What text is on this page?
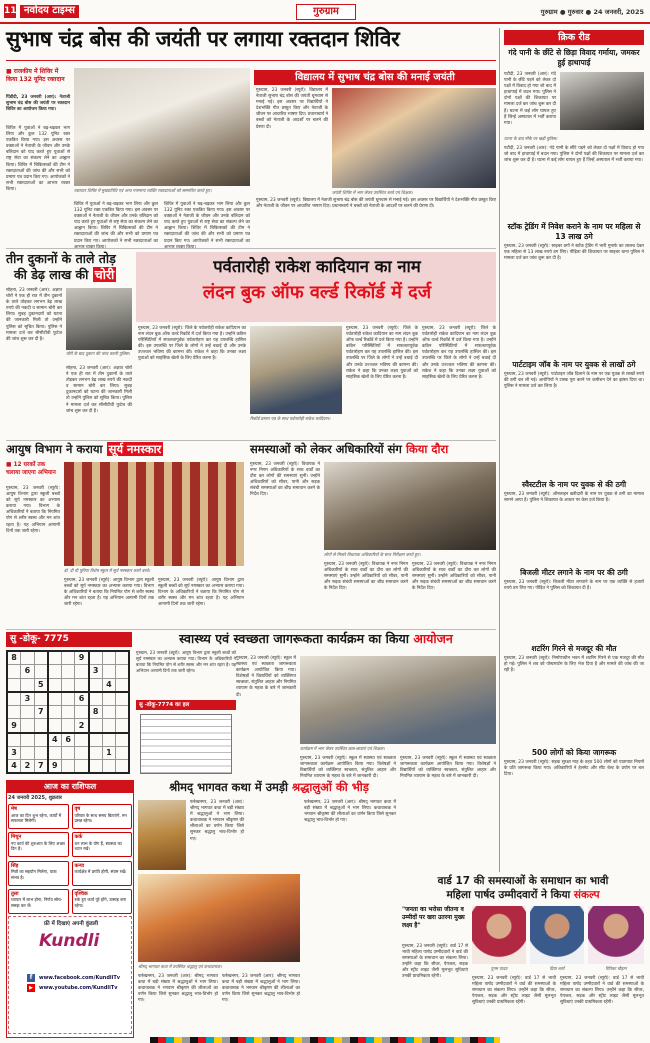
11 नवोदय टाइम्स	गुरुग्राम	गुरुग्राम ● गुरुवार ● 24 जनवरी, 2025
सुभाष चंद्र बोस की जयंती पर लगाया रक्तदान शिविर
■ राजकीय में शिविर में किया 132 यूनिट रक्तदान
पिंडौदी, 23 जनवरी (आर): नेताजी सुभाष चंद्र बोस की जयंती पर रक्तदान शिविर का आयोजन किया गया।
शिविर में युवाओं ने बढ़-चढ़कर भाग लिया और कुल 132 यूनिट रक्त एकत्रित किया गया। इस अवसर पर वक्ताओं ने नेताजी के जीवन और उनके बलिदान को याद करते हुए युवाओं से राष्ट्र सेवा का संकल्प लेने का आह्वान किया। शिविर में चिकित्सकों की टीम ने रक्तदाताओं की जांच की और सभी को प्रमाण पत्र प्रदान किए गए। आयोजकों ने सभी रक्तदाताओं का आभार व्यक्त किया।	रक्तदान शिविर में मुख्यातिथि एवं अन्य गणमान्य व्यक्ति रक्तदाताओं को सम्मानित करते हुए।
शिविर में युवाओं ने बढ़-चढ़कर भाग लिया और कुल 132 यूनिट रक्त एकत्रित किया गया। इस अवसर पर वक्ताओं ने नेताजी के जीवन और उनके बलिदान को याद करते हुए युवाओं से राष्ट्र सेवा का संकल्प लेने का आह्वान किया। शिविर में चिकित्सकों की टीम ने रक्तदाताओं की जांच की और सभी को प्रमाण पत्र प्रदान किए गए। आयोजकों ने सभी रक्तदाताओं का
शिविर में युवाओं ने बढ़-चढ़कर भाग लिया और कुल 132 यूनिट रक्त एकत्रित किया गया। इस अवसर पर वक्ताओं ने नेताजी के जीवन और उनके बलिदान को याद करते हुए युवाओं से राष्ट्र सेवा का संकल्प लेने का आह्वान किया। शिविर में चिकित्सकों की टीम ने रक्तदाताओं की जांच की और सभी को प्रमाण पत्र प्रदान किए गए। आयोजकों ने सभी रक्तदाताओं का
विद्यालय में सुभाष चंद्र बोस की मनाई जयंती
गुरुग्राम, 23 जनवरी (ब्यूरो): विद्यालय में नेताजी सुभाष चंद्र बोस की जयंती धूमधाम से मनाई गई। इस अवसर पर विद्यार्थियों ने देशभक्ति गीत प्रस्तुत किए और नेताजी के जीवन पर आधारित भाषण दिए। प्रधानाचार्य ने बच्चों को नेताजी के आदर्शों पर चलने की प्रेरणा दी।
जयंती शिविर में भाग लेकर उपस्थित बच्चे एवं शिक्षक।
गुरुग्राम, 23 जनवरी (ब्यूरो): विद्यालय में नेताजी सुभाष चंद्र बोस की जयंती धूमधाम से मनाई गई। इस अवसर पर विद्यार्थियों ने देशभक्ति गीत प्रस्तुत किए और नेताजी के जीवन पर आधारित भाषण दिए। प्रधानाचार्य ने बच्चों को नेताजी के आदर्शों पर चलने की प्रेरणा दी।
तीन दुकानों के ताले तोड़
की डेढ़ लाख की चोरी
सोहना, 23 जनवरी (आर): अज्ञात चोरों ने एक ही रात में तीन दुकानों के ताले तोड़कर लगभग डेढ़ लाख रुपये की नकदी व सामान चोरी कर लिया। सुबह दुकानदारों को घटना की जानकारी मिली तो उन्होंने पुलिस को सूचित किया। पुलिस ने मामला दर्ज कर सीसीटीवी फुटेज की जांच शुरू कर दी है।
चोरी के बाद दुकान की जांच करती पुलिस।
सोहना, 23 जनवरी (आर): अज्ञात चोरों ने एक ही रात में तीन दुकानों के ताले तोड़कर लगभग डेढ़ लाख रुपये की नकदी व सामान चोरी कर लिया। सुबह दुकानदारों को घटना की जानकारी मिली तो उन्होंने पुलिस को सूचित किया। पुलिस ने मामला दर्ज कर सीसीटीवी फुटेज की जांच शुरू कर दी है।
पर्वतारोही राकेश कादियान का नाम
लंदन बुक ऑफ वर्ल्ड रिकॉर्ड में दर्ज
गुरुग्राम, 23 जनवरी (ब्यूरो): जिले के पर्वतारोही राकेश कादियान का नाम लंदन बुक ऑफ वर्ल्ड रिकॉर्ड में दर्ज किया गया है। उन्होंने कठिन परिस्थितियों में सफलतापूर्वक पर्वतारोहण कर यह उपलब्धि हासिल की। इस उपलब्धि पर जिले के लोगों ने उन्हें बधाई दी और उनके उज्ज्वल भविष्य की कामना की। राकेश ने कहा कि उनका लक्ष्य युवाओं को साहसिक खेलों के लिए प्रेरित करना है।
रिकॉर्ड प्रमाण पत्र के साथ पर्वतारोही राकेश कादियान।
गुरुग्राम, 23 जनवरी (ब्यूरो): जिले के पर्वतारोही राकेश कादियान का नाम लंदन बुक ऑफ वर्ल्ड रिकॉर्ड में दर्ज किया गया है। उन्होंने कठिन परिस्थितियों में सफलतापूर्वक पर्वतारोहण कर यह उपलब्धि हासिल की। इस उपलब्धि पर जिले के लोगों ने उन्हें बधाई दी और उनके उज्ज्वल भविष्य की कामना की। राकेश ने कहा कि उनका लक्ष्य युवाओं को साहसिक खेलों के लिए प्रेरित करना है।
गुरुग्राम, 23 जनवरी (ब्यूरो): जिले के पर्वतारोही राकेश कादियान का नाम लंदन बुक ऑफ वर्ल्ड रिकॉर्ड में दर्ज किया गया है। उन्होंने कठिन परिस्थितियों में सफलतापूर्वक पर्वतारोहण कर यह उपलब्धि हासिल की। इस उपलब्धि पर जिले के लोगों ने उन्हें बधाई दी और उनके उज्ज्वल भविष्य की कामना की। राकेश ने कहा कि उनका लक्ष्य युवाओं को साहसिक खेलों के लिए प्रेरित करना है।
आयुष विभाग ने कराया सूर्य नमस्कार
■ 12 घरकों तक चलाया जाएगा अभियान
गुरुग्राम, 23 जनवरी (ब्यूरो): आयुष विभाग द्वारा स्कूली बच्चों को सूर्य नमस्कार का अभ्यास कराया गया। विभाग के अधिकारियों ने बताया कि नियमित योग से शरीर स्वस्थ और मन शांत रहता है। यह अभियान आगामी दिनों तक जारी रहेगा।
डॉ. दी वी पुनिया विशेष स्कूल में सूर्य नमस्कार करते बच्चे।
गुरुग्राम, 23 जनवरी (ब्यूरो): आयुष विभाग द्वारा स्कूली बच्चों को सूर्य नमस्कार का अभ्यास कराया गया। विभाग के अधिकारियों ने बताया कि नियमित योग से शरीर स्वस्थ और मन शांत रहता है। यह अभियान आगामी दिनों तक जारी रहेगा।
गुरुग्राम, 23 जनवरी (ब्यूरो): आयुष विभाग द्वारा स्कूली बच्चों को सूर्य नमस्कार का अभ्यास कराया गया। विभाग के अधिकारियों ने बताया कि नियमित योग से शरीर स्वस्थ और मन शांत रहता है। यह अभियान आगामी दिनों तक जारी रहेगा।
समस्याओं को लेकर अधिकारियों संग किया दौरा
गुरुग्राम, 23 जनवरी (ब्यूरो): विधायक ने नगर निगम अधिकारियों के साथ वार्डों का दौरा कर लोगों की समस्याएं सुनीं। उन्होंने अधिकारियों को सीवर, पानी और सड़क संबंधी समस्याओं का शीघ्र समाधान करने के निर्देश दिए।
लोगों से मिलते विधायक अधिकारियों के साथ निरीक्षण करते हुए।
गुरुग्राम, 23 जनवरी (ब्यूरो): विधायक ने नगर निगम अधिकारियों के साथ वार्डों का दौरा कर लोगों की समस्याएं सुनीं। उन्होंने अधिकारियों को सीवर, पानी और सड़क संबंधी समस्याओं का शीघ्र समाधान करने के निर्देश दिए।
गुरुग्राम, 23 जनवरी (ब्यूरो): विधायक ने नगर निगम अधिकारियों के साथ वार्डों का दौरा कर लोगों की समस्याएं सुनीं। उन्होंने अधिकारियों को सीवर, पानी और सड़क संबंधी समस्याओं का शीघ्र समाधान करने के निर्देश दिए।
सु -डोकू- 7775
8					9			
	6					3		
		5					4	
	3				6			
		7				8		
9					2			
			4	6				
3							1	
4	2	7	9					
सु -डोकू-7774 का हल
गुरुग्राम, 23 जनवरी (ब्यूरो): आयुष विभाग द्वारा स्कूली बच्चों को सूर्य नमस्कार का अभ्यास कराया गया। विभाग के अधिकारियों ने बताया कि नियमित योग से शरीर स्वस्थ और मन शांत रहता है। यह अभियान आगामी दिनों तक जारी रहेगा।
स्वास्थ्य एवं स्वच्छता जागरूकता कार्यक्रम का किया आयोजन
गुरुग्राम, 23 जनवरी (ब्यूरो): स्कूल में स्वास्थ्य एवं स्वच्छता जागरूकता कार्यक्रम आयोजित किया गया। विशेषज्ञों ने विद्यार्थियों को व्यक्तिगत स्वच्छता, संतुलित आहार और नियमित व्यायाम के महत्व के बारे में जानकारी दी।
कार्यक्रम में भाग लेकर उपस्थित छात्र-छात्राएं एवं शिक्षक।
गुरुग्राम, 23 जनवरी (ब्यूरो): स्कूल में स्वास्थ्य एवं स्वच्छता जागरूकता कार्यक्रम आयोजित किया गया। विशेषज्ञों ने विद्यार्थियों को व्यक्तिगत स्वच्छता, संतुलित आहार और नियमित व्यायाम के महत्व के बारे में जानकारी दी।
गुरुग्राम, 23 जनवरी (ब्यूरो): स्कूल में स्वास्थ्य एवं स्वच्छता जागरूकता कार्यक्रम आयोजित किया गया। विशेषज्ञों ने विद्यार्थियों को व्यक्तिगत स्वच्छता, संतुलित आहार और नियमित व्यायाम के महत्व के बारे में जानकारी दी।
आज का राशिफल
24 जनवरी 2025, शुक्रवार
मेष
आज का दिन शुभ रहेगा, कार्यों में सफलता मिलेगी।
वृष
परिवार के साथ समय बिताएंगे, मन प्रसन्न रहेगा।
मिथुन
नए कार्य की शुरुआत के लिए अच्छा दिन है।
कर्क
धन लाभ के योग हैं, स्वास्थ्य का ध्यान रखें।
सिंह
मित्रों का सहयोग मिलेगा, यात्रा संभव है।
कन्या
कार्यक्षेत्र में प्रगति होगी, संयम रखें।
तुला
व्यापार में लाभ होगा, निर्णय सोच-समझ कर लें।
वृश्चिक
रुके हुए कार्य पूरे होंगे, उत्साह बना रहेगा।
फ्री में दिखाएं अपनी कुंडली
Kundli
www.facebook.com/KundliTv
www.youtube.com/KundliTv
f
▶
श्रीमद् भागवत कथा में उमड़ी श्रद्धालुओं की भीड़
फर्रुखनगर, 23 जनवरी (आर): श्रीमद् भागवत कथा में बड़ी संख्या में श्रद्धालुओं ने भाग लिया। कथावाचक ने भगवान श्रीकृष्ण की लीलाओं का वर्णन किया जिसे सुनकर श्रद्धालु भाव-विभोर हो गए।
श्रीमद् भागवत कथा में उपस्थित श्रद्धालु एवं कथावाचक।
फर्रुखनगर, 23 जनवरी (आर): श्रीमद् भागवत कथा में बड़ी संख्या में श्रद्धालुओं ने भाग लिया। कथावाचक ने भगवान श्रीकृष्ण की लीलाओं का वर्णन किया जिसे सुनकर श्रद्धालु भाव-विभोर हो गए।
फर्रुखनगर, 23 जनवरी (आर): श्रीमद् भागवत कथा में बड़ी संख्या में श्रद्धालुओं ने भाग लिया। कथावाचक ने भगवान श्रीकृष्ण की लीलाओं का वर्णन किया जिसे सुनकर श्रद्धालु भाव-विभोर हो गए।
फर्रुखनगर, 23 जनवरी (आर): श्रीमद् भागवत कथा में बड़ी संख्या में श्रद्धालुओं ने भाग लिया। कथावाचक ने भगवान श्रीकृष्ण की लीलाओं का वर्णन किया जिसे सुनकर श्रद्धालु भाव-विभोर हो गए।
वार्ड 17 की समस्याओं के समाधान का भावी
महिला पार्षद उम्मीदवारों ने किया संकल्प
"जनता का भरोसा जीतना व उम्मीदों पर खरा उतरना मुख्य लक्ष्य है"
गुरुग्राम, 23 जनवरी (ब्यूरो): वार्ड 17 से भावी महिला पार्षद उम्मीदवारों ने वार्ड की समस्याओं के समाधान का संकल्प लिया। उन्होंने कहा कि सीवर, पेयजल, सड़क और स्ट्रीट लाइट जैसी मूलभूत सुविधाएं उनकी प्राथमिकता रहेंगी।
पूनम यादव	प्रिया शर्मा	रितिका चौहान
गुरुग्राम, 23 जनवरी (ब्यूरो): वार्ड 17 से भावी महिला पार्षद उम्मीदवारों ने वार्ड की समस्याओं के समाधान का संकल्प लिया। उन्होंने कहा कि सीवर, पेयजल, सड़क और स्ट्रीट लाइट जैसी मूलभूत सुविधाएं उनकी प्राथमिकता रहेंगी।
गुरुग्राम, 23 जनवरी (ब्यूरो): वार्ड 17 से भावी महिला पार्षद उम्मीदवारों ने वार्ड की समस्याओं के समाधान का संकल्प लिया। उन्होंने कहा कि सीवर, पेयजल, सड़क और स्ट्रीट लाइट जैसी मूलभूत सुविधाएं उनकी प्राथमिकता रहेंगी।
क्रिक रीड
गंदे पानी के छींटे से छिड़ा विवाद गर्माया, जमकर हुई हाथापाई
पटौदी, 23 जनवरी (आर): गंदे पानी के छींटे पड़ने को लेकर दो पक्षों में विवाद हो गया जो बाद में हाथापाई में बदल गया। पुलिस ने दोनों पक्षों की शिकायत पर मामला दर्ज कर जांच शुरू कर दी है। घटना में कई लोग घायल हुए हैं जिन्हें अस्पताल में भर्ती कराया गया।
घटना के बाद मौके पर खड़ी पुलिस।
पटौदी, 23 जनवरी (आर): गंदे पानी के छींटे पड़ने को लेकर दो पक्षों में विवाद हो गया जो बाद में हाथापाई में बदल गया। पुलिस ने दोनों पक्षों की शिकायत पर मामला दर्ज कर जांच शुरू कर दी है। घटना में कई लोग घायल हुए हैं जिन्हें अस्पताल में भर्ती कराया गया।
स्टॉक ट्रेडिंग में निवेश कराने के नाम पर महिला से 13 लाख ठगे
गुरुग्राम, 23 जनवरी (ब्यूरो): साइबर ठगों ने स्टॉक ट्रेडिंग में भारी मुनाफे का लालच देकर एक महिला से 13 लाख रुपये ठग लिए। पीड़िता की शिकायत पर साइबर थाना पुलिस ने मामला दर्ज कर जांच शुरू कर दी है।
पार्टटाइम जॉब के नाम पर युवक से लाखों ठगे
गुरुग्राम, 23 जनवरी (ब्यूरो): पार्टटाइम जॉब दिलाने के नाम पर एक युवक से लाखों रुपये की ठगी कर ली गई। आरोपियों ने टास्क पूरा करने पर कमीशन देने का झांसा दिया था। पुलिस ने मामला दर्ज कर लिया है।
स्वैस्टटील के नाम पर युवक से की ठगी
गुरुग्राम, 23 जनवरी (ब्यूरो): ऑनलाइन खरीदारी के नाम पर युवक से ठगी का मामला सामने आया है। पुलिस ने शिकायत के आधार पर केस दर्ज किया है।
बिजली मीटर लगाने के नाम पर की ठगी
गुरुग्राम, 23 जनवरी (ब्यूरो): बिजली मीटर लगवाने के नाम पर एक व्यक्ति से हजारों रुपये ठग लिए गए। पीड़ित ने पुलिस को शिकायत दी है।
शटरिंग गिरने से मजदूर की मौत
गुरुग्राम, 23 जनवरी (ब्यूरो): निर्माणाधीन भवन में शटरिंग गिरने से एक मजदूर की मौत हो गई। पुलिस ने शव को पोस्टमार्टम के लिए भेज दिया है और मामले की जांच की जा रही है।
500 लोगों को किया जागरूक
गुरुग्राम, 23 जनवरी (ब्यूरो): सड़क सुरक्षा माह के तहत 500 लोगों को यातायात नियमों के प्रति जागरूक किया गया। अधिकारियों ने हेलमेट और सीट बेल्ट के प्रयोग पर बल दिया।
